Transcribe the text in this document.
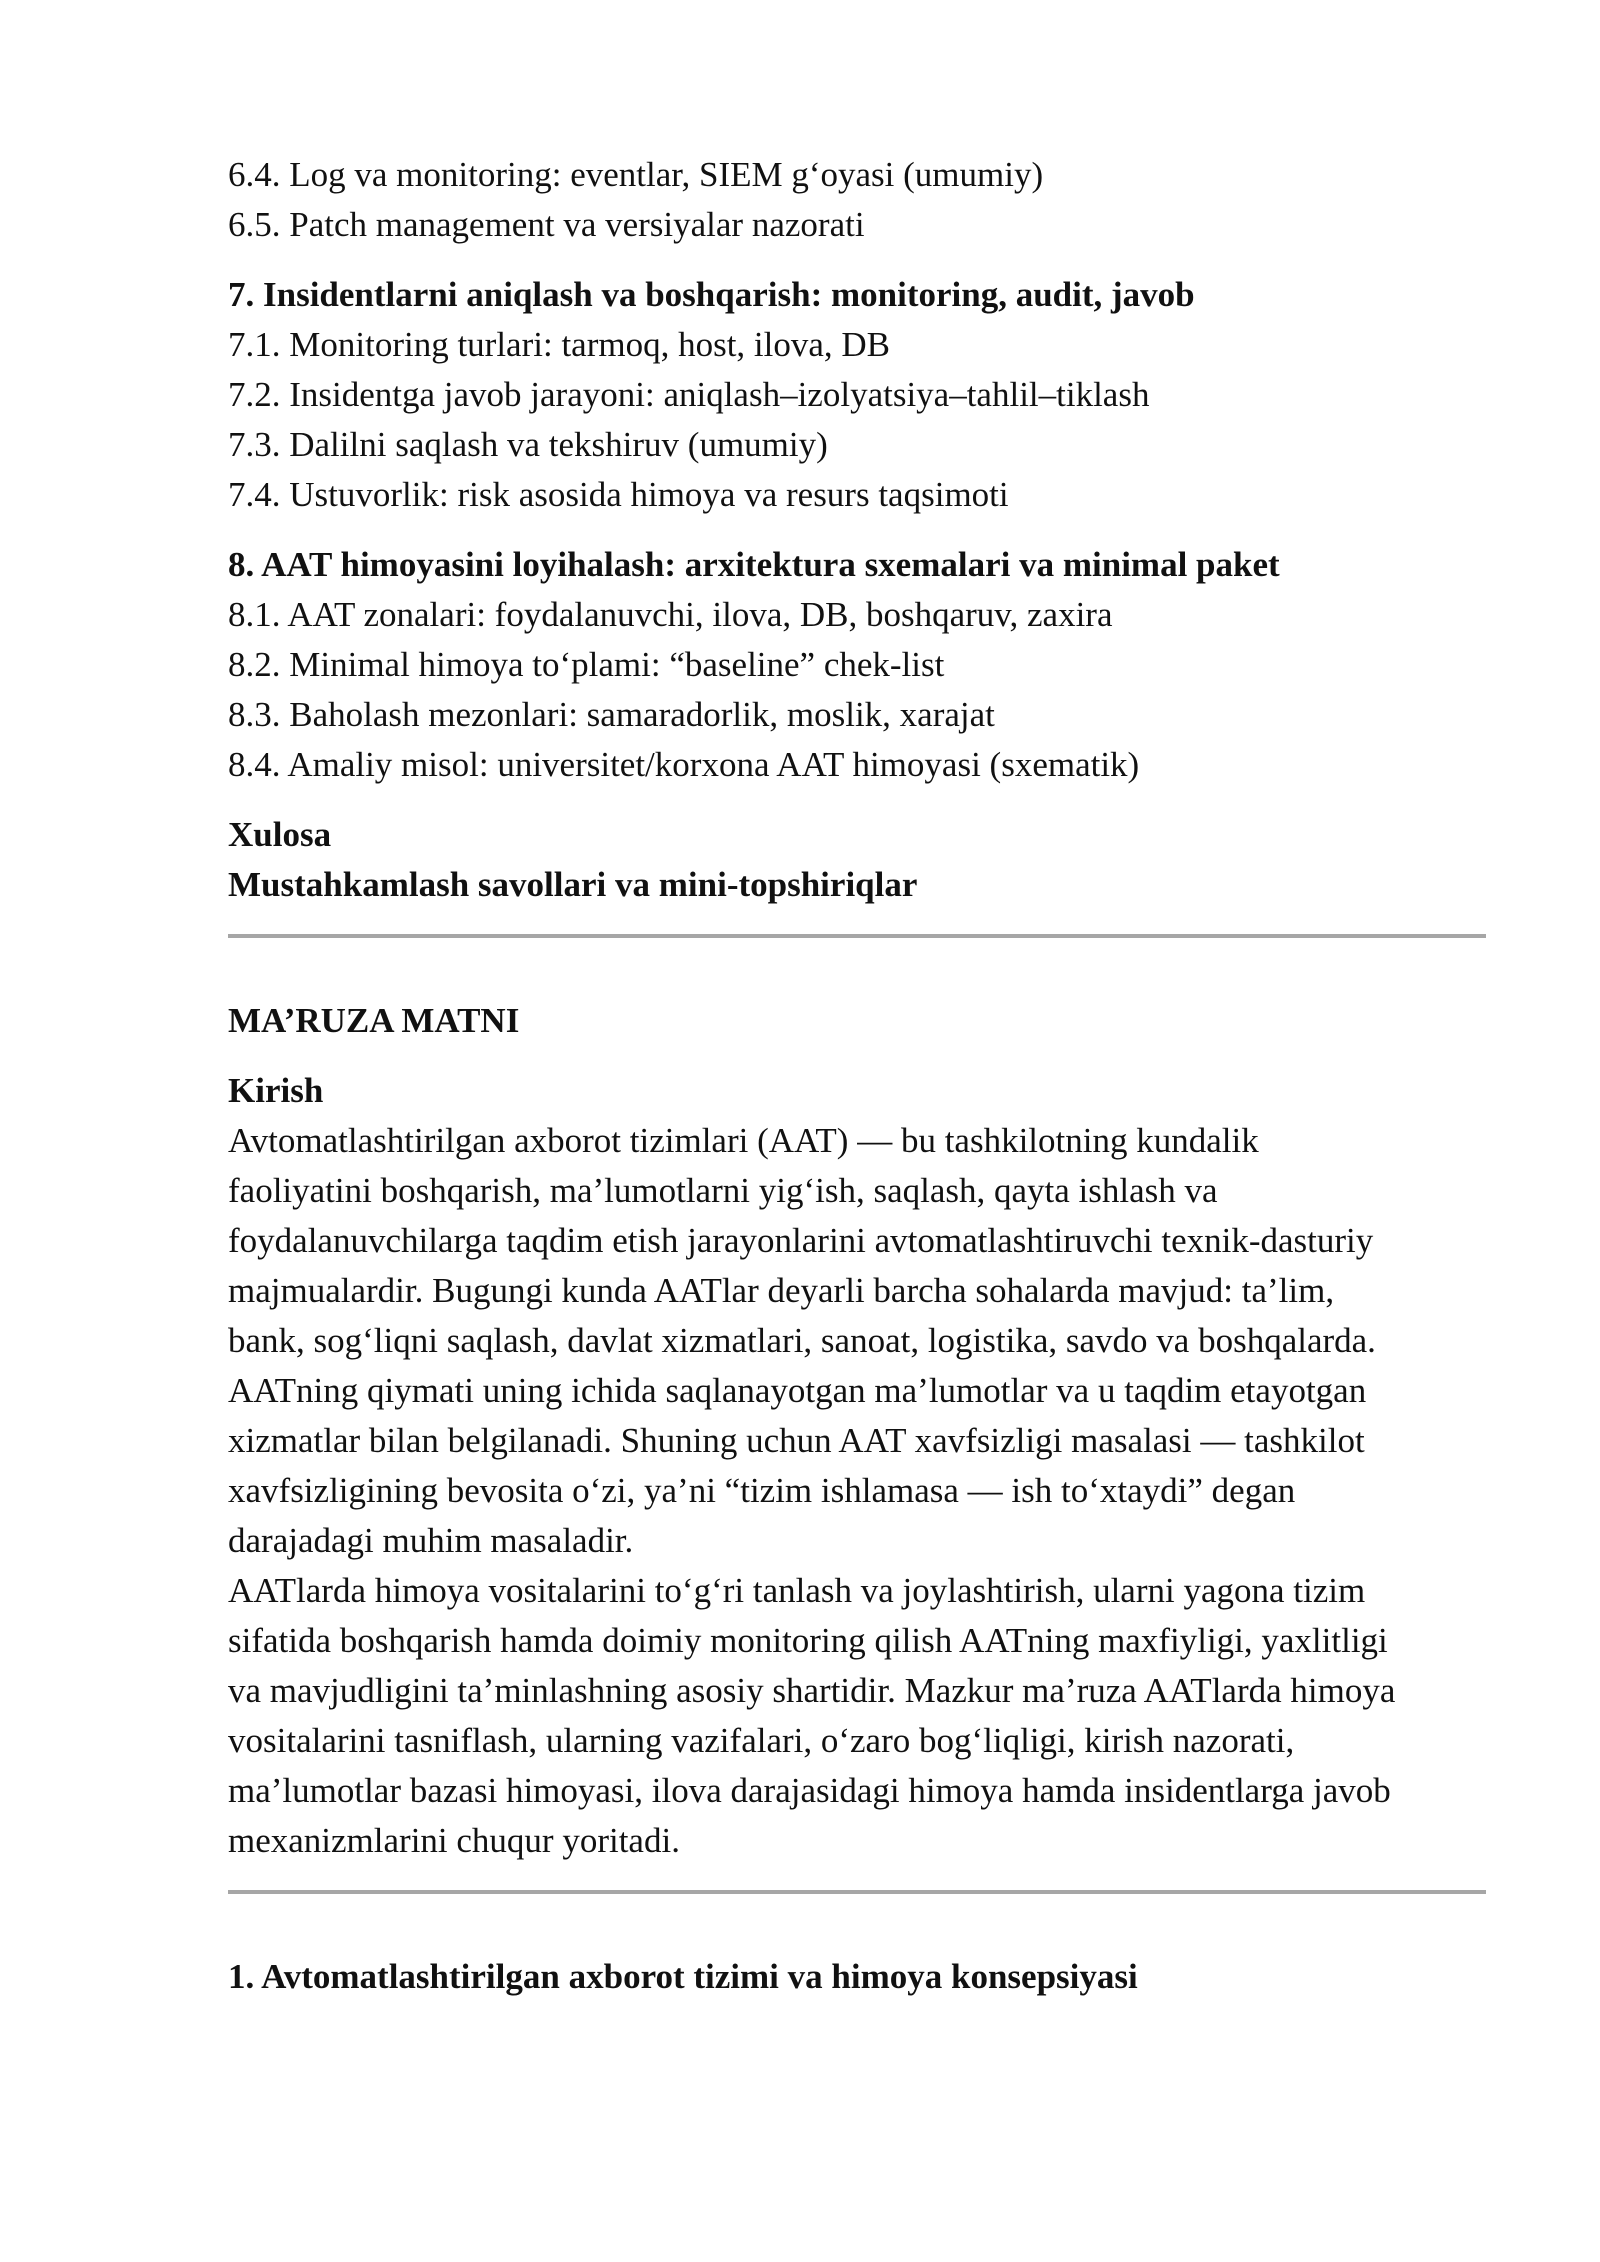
6.4. Log va monitoring: eventlar, SIEM g‘oyasi (umumiy)

6.5. Patch management va versiyalar nazorati

7. Insidentlarni aniqlash va boshqarish: monitoring, audit, javob

7.1. Monitoring turlari: tarmoq, host, ilova, DB

7.2. Insidentga javob jarayoni: aniqlash–izolyatsiya–tahlil–tiklash

7.3. Dalilni saqlash va tekshiruv (umumiy)

7.4. Ustuvorlik: risk asosida himoya va resurs taqsimoti

8. AAT himoyasini loyihalash: arxitektura sxemalari va minimal paket

8.1. AAT zonalari: foydalanuvchi, ilova, DB, boshqaruv, zaxira

8.2. Minimal himoya to‘plami: “baseline” chek-list

8.3. Baholash mezonlari: samaradorlik, moslik, xarajat

8.4. Amaliy misol: universitet/korxona AAT himoyasi (sxematik)

Xulosa

Mustahkamlash savollari va mini-topshiriqlar

MA’RUZA MATNI

Kirish

Avtomatlashtirilgan axborot tizimlari (AAT) — bu tashkilotning kundalik
faoliyatini boshqarish, ma’lumotlarni yig‘ish, saqlash, qayta ishlash va
foydalanuvchilarga taqdim etish jarayonlarini avtomatlashtiruvchi texnik-dasturiy
majmualardir. Bugungi kunda AATlar deyarli barcha sohalarda mavjud: ta’lim,
bank, sog‘liqni saqlash, davlat xizmatlari, sanoat, logistika, savdo va boshqalarda.
AATning qiymati uning ichida saqlanayotgan ma’lumotlar va u taqdim etayotgan
xizmatlar bilan belgilanadi. Shuning uchun AAT xavfsizligi masalasi — tashkilot
xavfsizligining bevosita o‘zi, ya’ni “tizim ishlamasa — ish to‘xtaydi” degan
darajadagi muhim masaladir.

AATlarda himoya vositalarini to‘g‘ri tanlash va joylashtirish, ularni yagona tizim
sifatida boshqarish hamda doimiy monitoring qilish AATning maxfiyligi, yaxlitligi
va mavjudligini ta’minlashning asosiy shartidir. Mazkur ma’ruza AATlarda himoya
vositalarini tasniflash, ularning vazifalari, o‘zaro bog‘liqligi, kirish nazorati,
ma’lumotlar bazasi himoyasi, ilova darajasidagi himoya hamda insidentlarga javob
mexanizmlarini chuqur yoritadi.

1. Avtomatlashtirilgan axborot tizimi va himoya konsepsiyasi
